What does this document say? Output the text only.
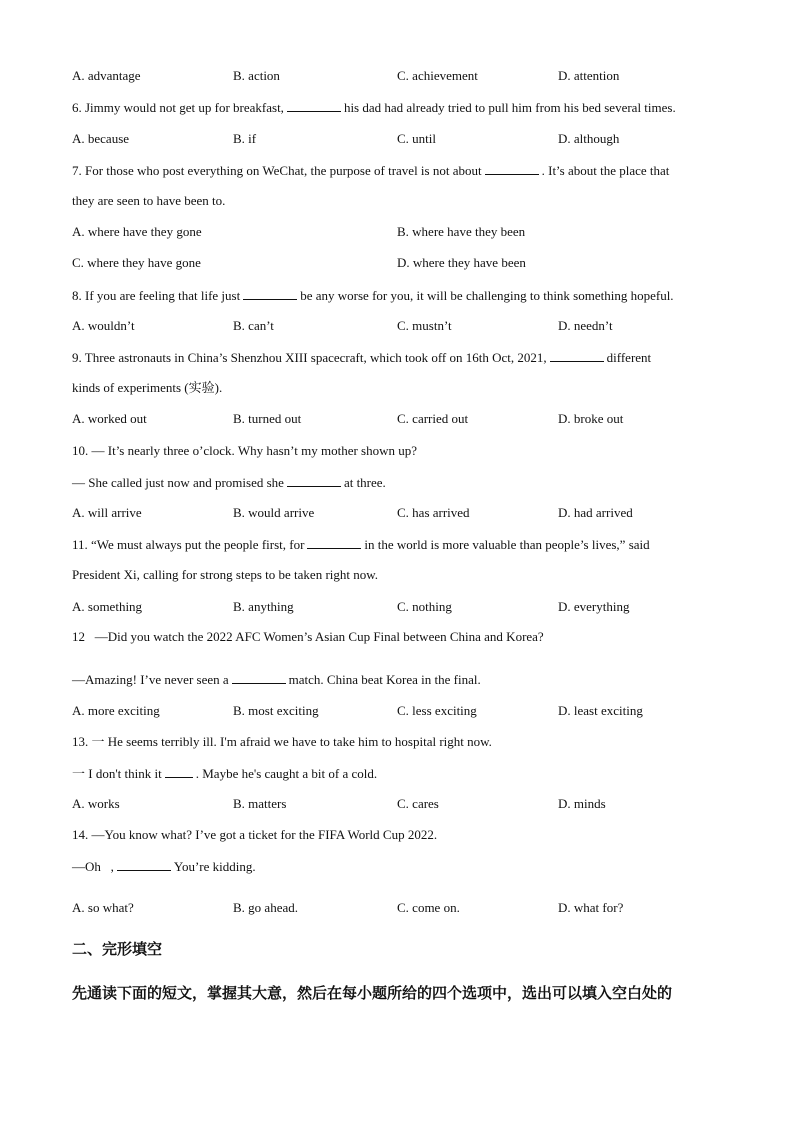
A. advantage	B. action	C. achievement	D. attention
6. Jimmy would not get up for breakfast,	his dad had already tried to pull him from his bed several times.
A. because	B. if	C. until	D. although
7. For those who post everything on WeChat, the purpose of travel is not about	. It’s about the place that
they are seen to have been to.
A. where have they gone	B. where have they been
C. where they have gone	D. where they have been
8. If you are feeling that life just	be any worse for you, it will be challenging to think something hopeful.
A. wouldn’t	B. can’t	C. mustn’t	D. needn’t
9. Three astronauts in China’s Shenzhou XIII spacecraft, which took off on 16th Oct, 2021,	different
kinds of experiments (实验).
A. worked out	B. turned out	C. carried out	D. broke out
10. — It’s nearly three o’clock. Why hasn’t my mother shown up?
— She called just now and promised she	at three.
A. will arrive	B. would arrive	C. has arrived	D. had arrived
11. “We must always put the people first, for	in the world is more valuable than people’s lives,” said
President Xi, calling for strong steps to be taken right now.
A. something	B. anything	C. nothing	D. everything
12   —Did you watch the 2022 AFC Women’s Asian Cup Final between China and Korea?
—Amazing! I’ve never seen a	match. China beat Korea in the final.
A. more exciting	B. most exciting	C. less exciting	D. least exciting
13. 一 He seems terribly ill. I'm afraid we have to take him to hospital right now.
一 I don't think it	. Maybe he's caught a bit of a cold.
A. works	B. matters	C. cares	D. minds
14. —You know what? I’ve got a ticket for the FIFA World Cup 2022.
—Oh   ,	You’re kidding.
A. so what?	B. go ahead.	C. come on.	D. what for?
二、完形填空
先通读下面的短文，掌握其大意，然后在每小题所给的四个选项中，选出可以填入空白处的
